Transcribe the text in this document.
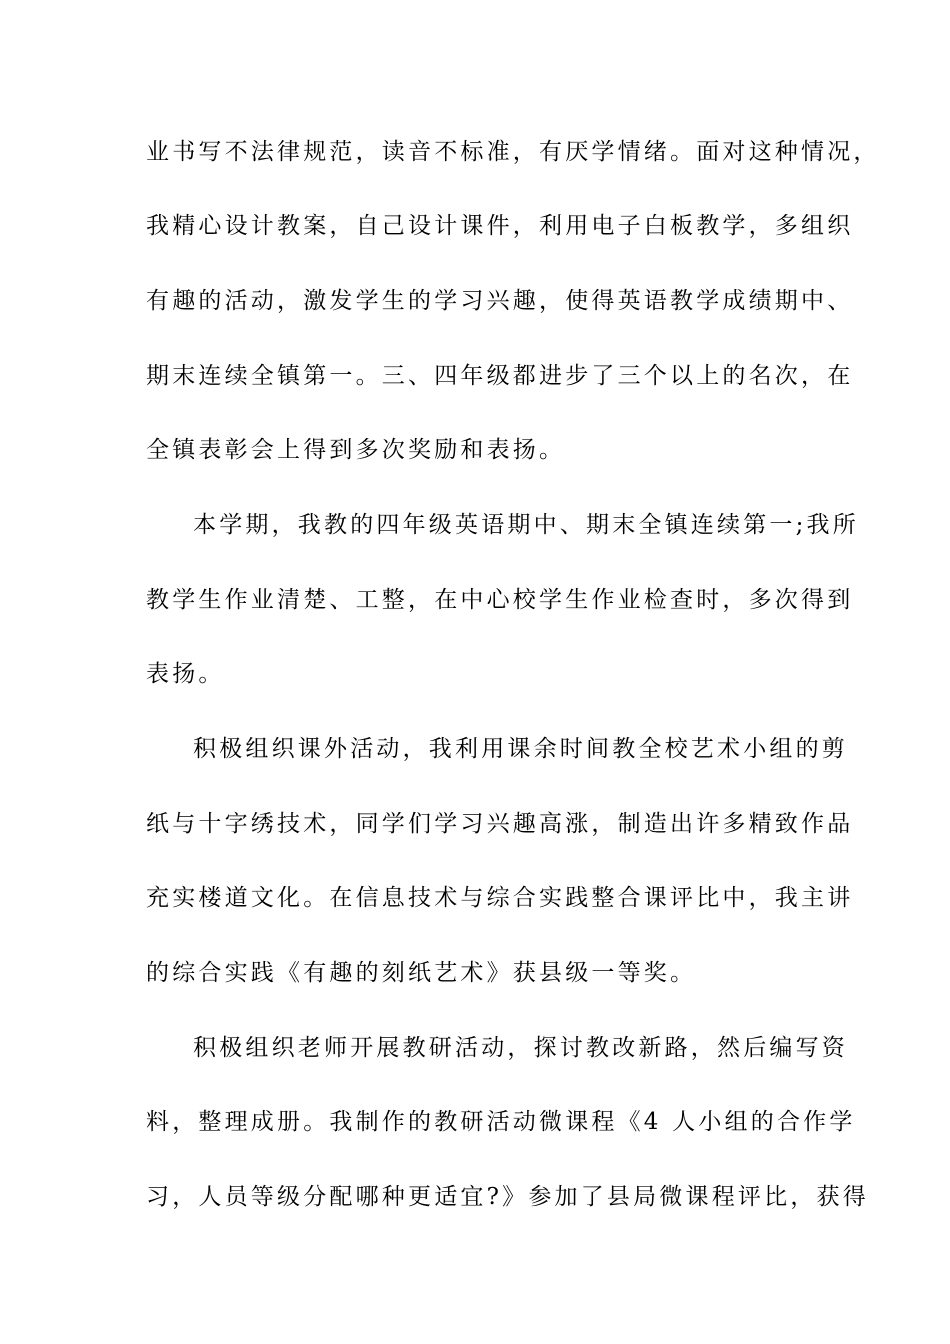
业书写不法律规范，读音不标准，有厌学情绪。面对这种情况，
我精心设计教案，自己设计课件，利用电子白板教学，多组织
有趣的活动，激发学生的学习兴趣，使得英语教学成绩期中、
期末连续全镇第一。三、四年级都进步了三个以上的名次，在
全镇表彰会上得到多次奖励和表扬。
本学期，我教的四年级英语期中、期末全镇连续第一;我所
教学生作业清楚、工整，在中心校学生作业检查时，多次得到
表扬。
积极组织课外活动，我利用课余时间教全校艺术小组的剪
纸与十字绣技术，同学们学习兴趣高涨，制造出许多精致作品
充实楼道文化。在信息技术与综合实践整合课评比中，我主讲
的综合实践《有趣的刻纸艺术》获县级一等奖。
积极组织老师开展教研活动，探讨教改新路，然后编写资
料，整理成册。我制作的教研活动微课程《4 人小组的合作学
习，人员等级分配哪种更适宜?》参加了县局微课程评比，获得
